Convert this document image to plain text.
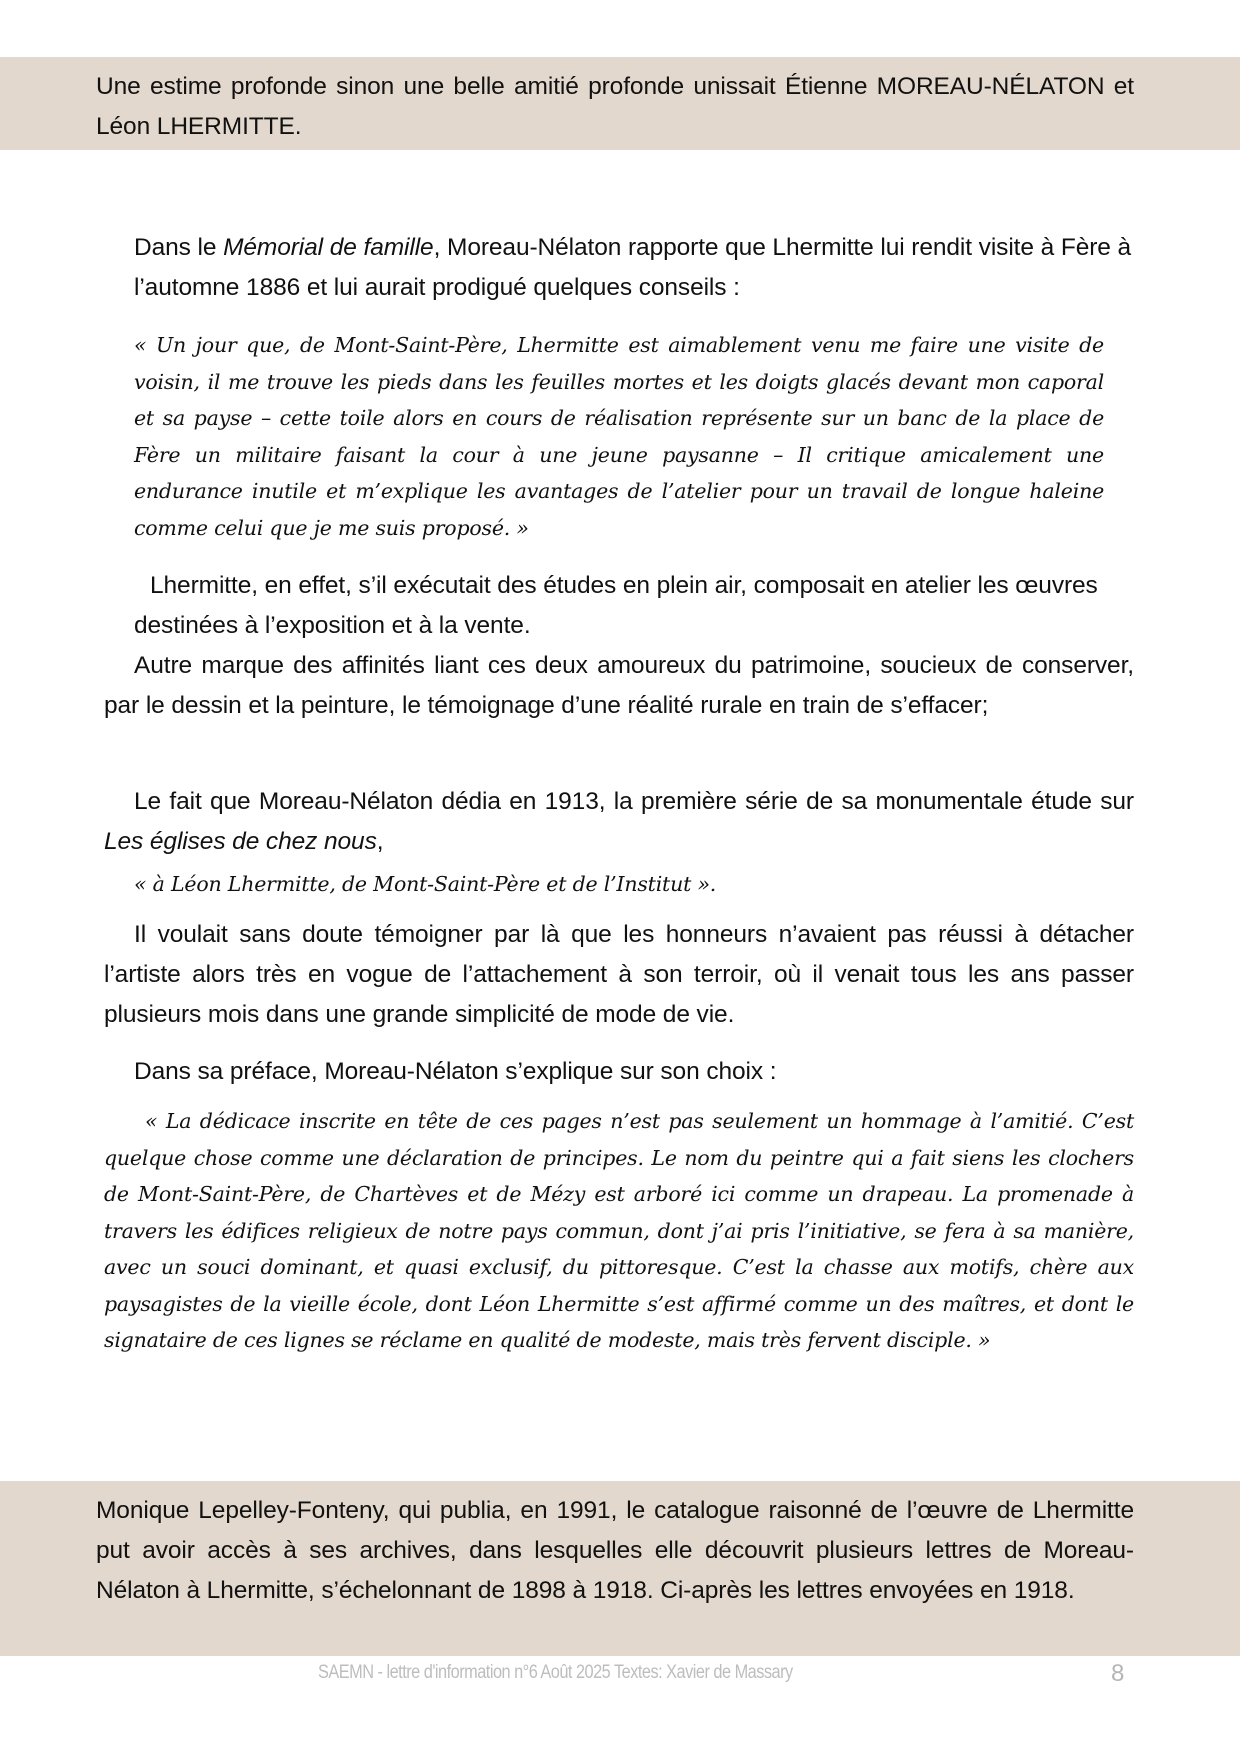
Une estime profonde sinon une belle amitié profonde unissait Étienne MOREAU-NÉLATON et Léon LHERMITTE.

Dans le Mémorial de famille, Moreau-Nélaton rapporte que Lhermitte lui rendit visite à Fère à l’automne 1886 et lui aurait prodigué quelques conseils :

« Un jour que, de Mont-Saint-Père, Lhermitte est aimablement venu me faire une visite de voisin, il me trouve les pieds dans les feuilles mortes et les doigts glacés devant mon caporal et sa payse – cette toile alors en cours de réalisation représente sur un banc de la place de Fère un militaire faisant la cour à une jeune paysanne – Il critique amicalement une endurance inutile et m’explique les avantages de l’atelier pour un travail de longue haleine comme celui que je me suis proposé. »

Lhermitte, en effet, s’il exécutait des études en plein air, composait en atelier les œuvres destinées à l’exposition et à la vente.

Autre marque des affinités liant ces deux amoureux du patrimoine, soucieux de conserver, par le dessin et la peinture, le témoignage d’une réalité rurale en train de s’effacer;

Le fait que Moreau-Nélaton dédia en 1913, la première série de sa monumentale étude sur Les églises de chez nous,

« à Léon Lhermitte, de Mont-Saint-Père et de l’Institut ».

Il voulait sans doute témoigner par là que les honneurs n’avaient pas réussi à détacher l’artiste alors très en vogue de l’attachement à son terroir, où il venait tous les ans passer plusieurs mois dans une grande simplicité de mode de vie.

Dans sa préface, Moreau-Nélaton s’explique sur son choix :

« La dédicace inscrite en tête de ces pages n’est pas seulement un hommage à l’amitié. C’est quelque chose comme une déclaration de principes. Le nom du peintre qui a fait siens les clochers de Mont-Saint-Père, de Chartèves et de Mézy est arboré ici comme un drapeau. La promenade à travers les édifices religieux de notre pays commun, dont j’ai pris l’initiative, se fera à sa manière, avec un souci dominant, et quasi exclusif, du pittoresque. C’est la chasse aux motifs, chère aux paysagistes de la vieille école, dont Léon Lhermitte s’est affirmé comme un des maîtres, et dont le signataire de ces lignes se réclame en qualité de modeste, mais très fervent disciple. »

Monique Lepelley-Fonteny, qui publia, en 1991, le catalogue raisonné de l’œuvre de Lhermitte put avoir accès à ses archives, dans lesquelles elle découvrit plusieurs lettres de Moreau-Nélaton à Lhermitte, s’échelonnant de 1898 à 1918. Ci-après les lettres envoyées en 1918.

SAEMN - lettre d'information n°6 Août 2025 Textes: Xavier de Massary	8
